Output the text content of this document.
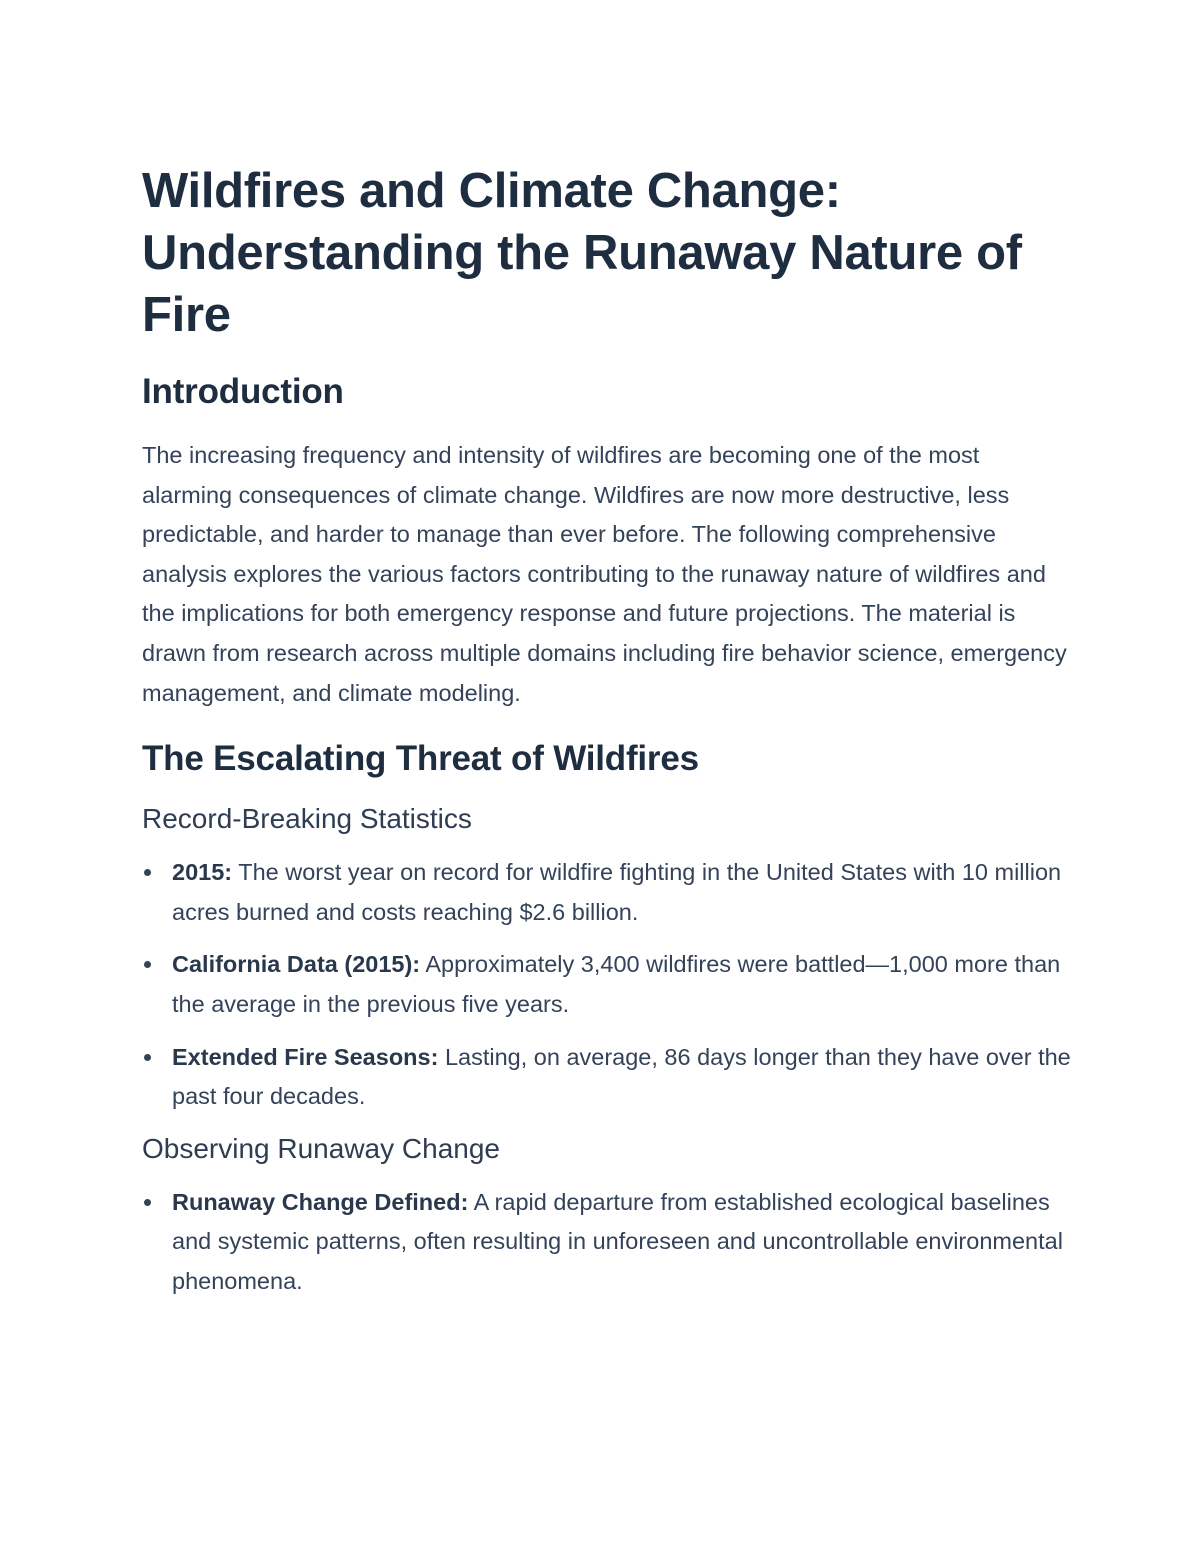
Wildfires and Climate Change: Understanding the Runaway Nature of Fire
Introduction

The increasing frequency and intensity of wildfires are becoming one of the most alarming consequences of climate change. Wildfires are now more destructive, less predictable, and harder to manage than ever before. The following comprehensive analysis explores the various factors contributing to the runaway nature of wildfires and the implications for both emergency response and future projections. The material is drawn from research across multiple domains including fire behavior science, emergency management, and climate modeling.

The Escalating Threat of Wildfires
Record-Breaking Statistics
2015: The worst year on record for wildfire fighting in the United States with 10 million acres burned and costs reaching $2.6 billion.
California Data (2015): Approximately 3,400 wildfires were battled—1,000 more than the average in the previous five years.
Extended Fire Seasons: Lasting, on average, 86 days longer than they have over the past four decades.
Observing Runaway Change
Runaway Change Defined: A rapid departure from established ecological baselines and systemic patterns, often resulting in unforeseen and uncontrollable environmental phenomena.
